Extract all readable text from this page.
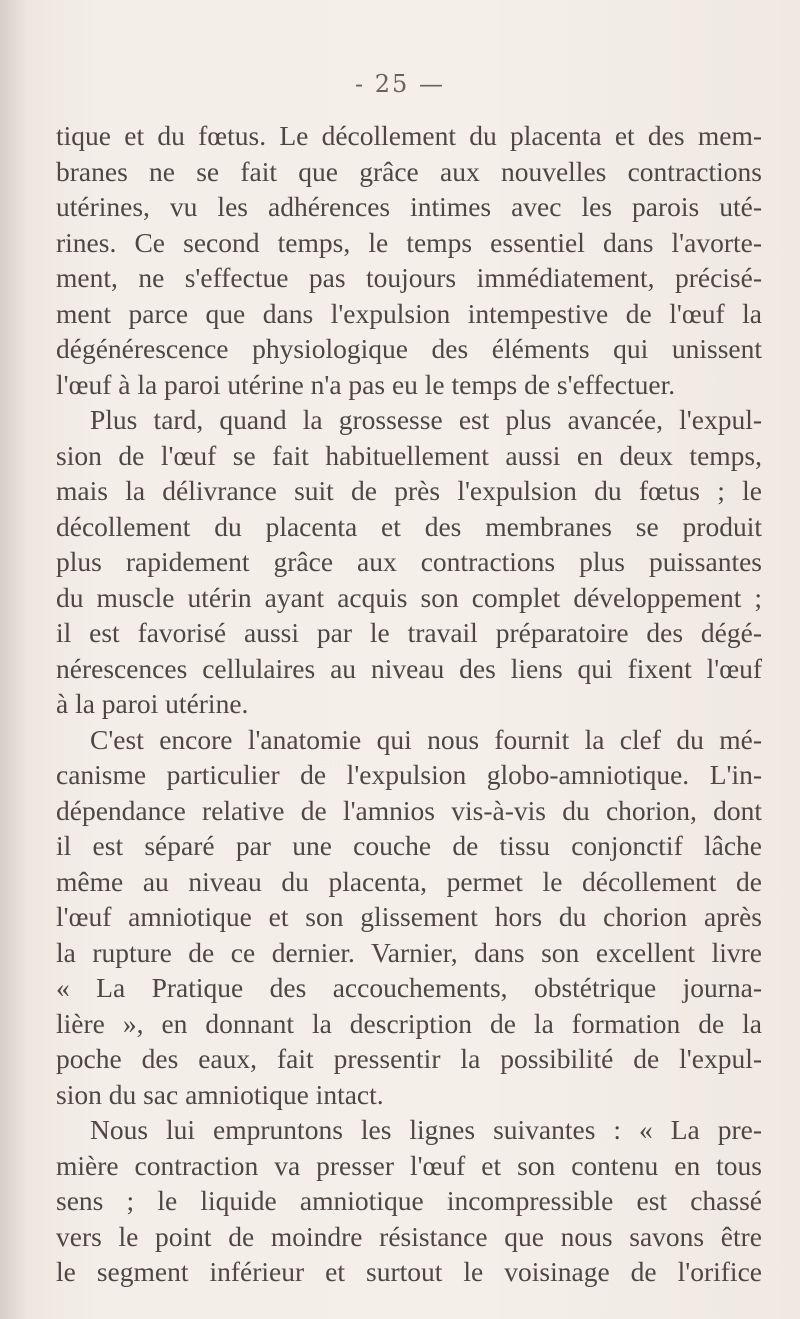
- 25 —
tique et du fœtus. Le décollement du placenta et des mem-
branes ne se fait que grâce aux nouvelles contractions
utérines, vu les adhérences intimes avec les parois uté-
rines. Ce second temps, le temps essentiel dans l'avorte-
ment, ne s'effectue pas toujours immédiatement, précisé-
ment parce que dans l'expulsion intempestive de l'œuf la
dégénérescence physiologique des éléments qui unissent
l'œuf à la paroi utérine n'a pas eu le temps de s'effectuer.
Plus tard, quand la grossesse est plus avancée, l'expul-
sion de l'œuf se fait habituellement aussi en deux temps,
mais la délivrance suit de près l'expulsion du fœtus ; le
décollement du placenta et des membranes se produit
plus rapidement grâce aux contractions plus puissantes
du muscle utérin ayant acquis son complet développement ;
il est favorisé aussi par le travail préparatoire des dégé-
nérescences cellulaires au niveau des liens qui fixent l'œuf
à la paroi utérine.
C'est encore l'anatomie qui nous fournit la clef du mé-
canisme particulier de l'expulsion globo-amniotique. L'in-
dépendance relative de l'amnios vis-à-vis du chorion, dont
il est séparé par une couche de tissu conjonctif lâche
même au niveau du placenta, permet le décollement de
l'œuf amniotique et son glissement hors du chorion après
la rupture de ce dernier. Varnier, dans son excellent livre
« La Pratique des accouchements, obstétrique journa-
lière », en donnant la description de la formation de la
poche des eaux, fait pressentir la possibilité de l'expul-
sion du sac amniotique intact.
Nous lui empruntons les lignes suivantes : « La pre-
mière contraction va presser l'œuf et son contenu en tous
sens ; le liquide amniotique incompressible est chassé
vers le point de moindre résistance que nous savons être
le segment inférieur et surtout le voisinage de l'orifice
